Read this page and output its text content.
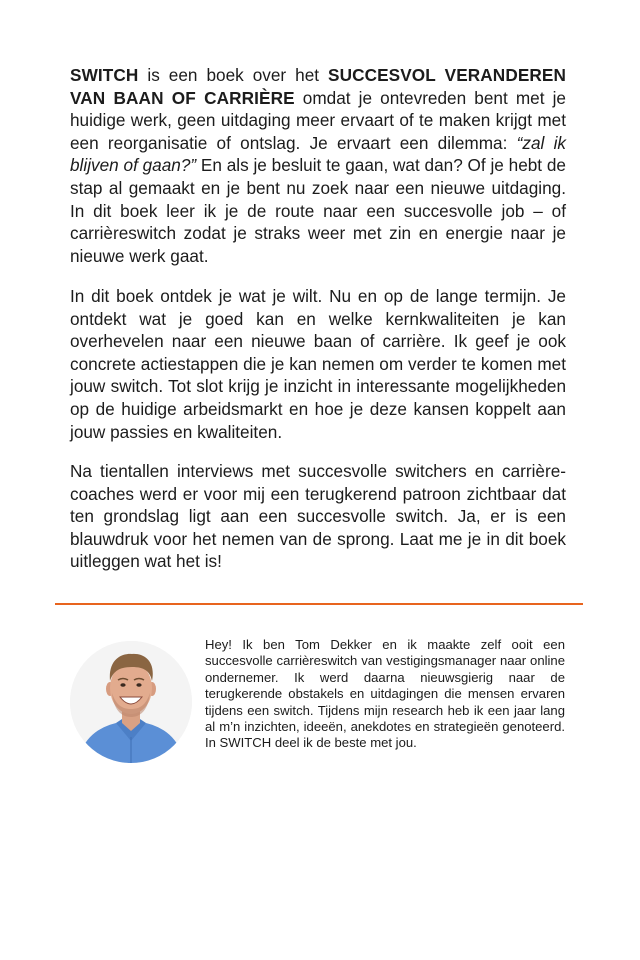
SWITCH is een boek over het SUCCESVOL VERANDEREN VAN BAAN OF CARRIÈRE omdat je ontevreden bent met je huidige werk, geen uitdaging meer ervaart of te maken krijgt met een reorganisatie of ontslag. Je ervaart een dilemma: “zal ik blijven of gaan?” En als je besluit te gaan, wat dan? Of je hebt de stap al gemaakt en je bent nu zoek naar een nieuwe uitdaging. In dit boek leer ik je de route naar een succesvolle job – of carrièreswitch zodat je straks weer met zin en energie naar je nieuwe werk gaat.

In dit boek ontdek je wat je wilt. Nu en op de lange termijn. Je ontdekt wat je goed kan en welke kernkwaliteiten je kan overhevelen naar een nieuwe baan of carrière. Ik geef je ook concrete actiestappen die je kan nemen om verder te komen met jouw switch. Tot slot krijg je inzicht in interessante mogelijkheden op de huidige arbeidsmarkt en hoe je deze kansen koppelt aan jouw passies en kwaliteiten.

Na tientallen interviews met succesvolle switchers en carrière-coaches werd er voor mij een terugkerend patroon zichtbaar dat ten grondslag ligt aan een succesvolle switch. Ja, er is een blauwdruk voor het nemen van de sprong. Laat me je in dit boek uitleggen wat het is!

Hey! Ik ben Tom Dekker en ik maakte zelf ooit een succesvolle carrièreswitch van vestigingsmanager naar online ondernemer. Ik werd daarna nieuwsgierig naar de terugkerende obstakels en uitdagingen die mensen ervaren tijdens een switch. Tijdens mijn research heb ik een jaar lang al m’n inzichten, ideeën, anekdotes en strategieën genoteerd. In SWITCH deel ik de beste met jou.
